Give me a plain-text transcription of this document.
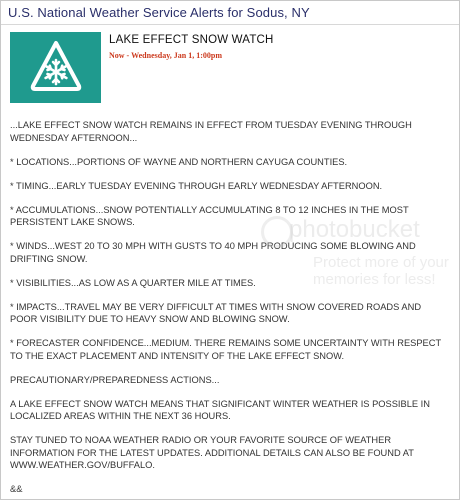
U.S. National Weather Service Alerts for Sodus, NY
LAKE EFFECT SNOW WATCH
Now - Wednesday, Jan 1, 1:00pm

...LAKE EFFECT SNOW WATCH REMAINS IN EFFECT FROM TUESDAY EVENING THROUGH WEDNESDAY AFTERNOON...

* LOCATIONS...PORTIONS OF WAYNE AND NORTHERN CAYUGA COUNTIES.

* TIMING...EARLY TUESDAY EVENING THROUGH EARLY WEDNESDAY AFTERNOON.

* ACCUMULATIONS...SNOW POTENTIALLY ACCUMULATING 8 TO 12 INCHES IN THE MOST PERSISTENT LAKE SNOWS.

* WINDS...WEST 20 TO 30 MPH WITH GUSTS TO 40 MPH PRODUCING SOME BLOWING AND DRIFTING SNOW.

* VISIBILITIES...AS LOW AS A QUARTER MILE AT TIMES.

* IMPACTS...TRAVEL MAY BE VERY DIFFICULT AT TIMES WITH SNOW COVERED ROADS AND POOR VISIBILITY DUE TO HEAVY SNOW AND BLOWING SNOW.

* FORECASTER CONFIDENCE...MEDIUM. THERE REMAINS SOME UNCERTAINTY WITH RESPECT TO THE EXACT PLACEMENT AND INTENSITY OF THE LAKE EFFECT SNOW.

PRECAUTIONARY/PREPAREDNESS ACTIONS...

A LAKE EFFECT SNOW WATCH MEANS THAT SIGNIFICANT WINTER WEATHER IS POSSIBLE IN LOCALIZED AREAS WITHIN THE NEXT 36 HOURS.

STAY TUNED TO NOAA WEATHER RADIO OR YOUR FAVORITE SOURCE OF WEATHER INFORMATION FOR THE LATEST UPDATES. ADDITIONAL DETAILS CAN ALSO BE FOUND AT WWW.WEATHER.GOV/BUFFALO.

&&

photobucket
Protect more of your memories for less!
